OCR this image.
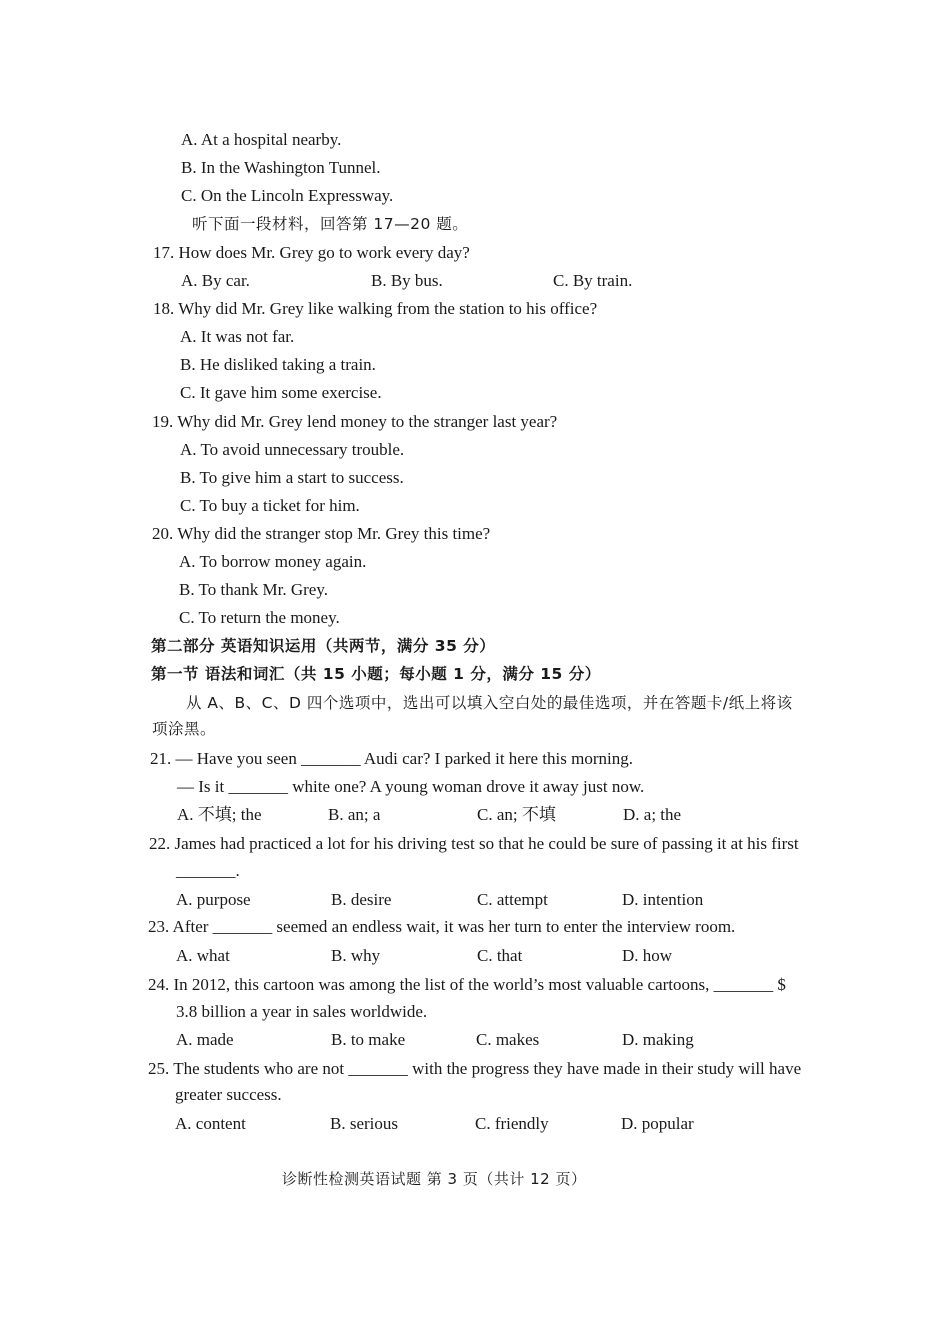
A. At a hospital nearby.
B. In the Washington Tunnel.
C. On the Lincoln Expressway.
听下面一段材料，回答第 17—20 题。
17. How does Mr. Grey go to work every day?
A. By car.	B. By bus.	C. By train.
18. Why did Mr. Grey like walking from the station to his office?
A. It was not far.
B. He disliked taking a train.
C. It gave him some exercise.
19. Why did Mr. Grey lend money to the stranger last year?
A. To avoid unnecessary trouble.
B. To give him a start to success.
C. To buy a ticket for him.
20. Why did the stranger stop Mr. Grey this time?
A. To borrow money again.
B. To thank Mr. Grey.
C. To return the money.
第二部分 英语知识运用（共两节，满分 35 分）
第一节 语法和词汇（共 15 小题；每小题 1 分，满分 15 分）
从 A、B、C、D 四个选项中，选出可以填入空白处的最佳选项，并在答题卡/纸上将该
项涂黑。
21. — Have you seen _______ Audi car? I parked it here this morning.
— Is it _______ white one? A young woman drove it away just now.
A. 不填; the	B. an; a	C. an; 不填	D. a; the
22. James had practiced a lot for his driving test so that he could be sure of passing it at his first
_______.
A. purpose	B. desire	C. attempt	D. intention
23. After _______ seemed an endless wait, it was her turn to enter the interview room.
A. what	B. why	C. that	D. how
24. In 2012, this cartoon was among the list of the world’s most valuable cartoons, _______ $
3.8 billion a year in sales worldwide.
A. made	B. to make	C. makes	D. making
25. The students who are not _______ with the progress they have made in their study will have
greater success.
A. content	B. serious	C. friendly	D. popular
诊断性检测英语试题 第 3 页（共计 12 页）
